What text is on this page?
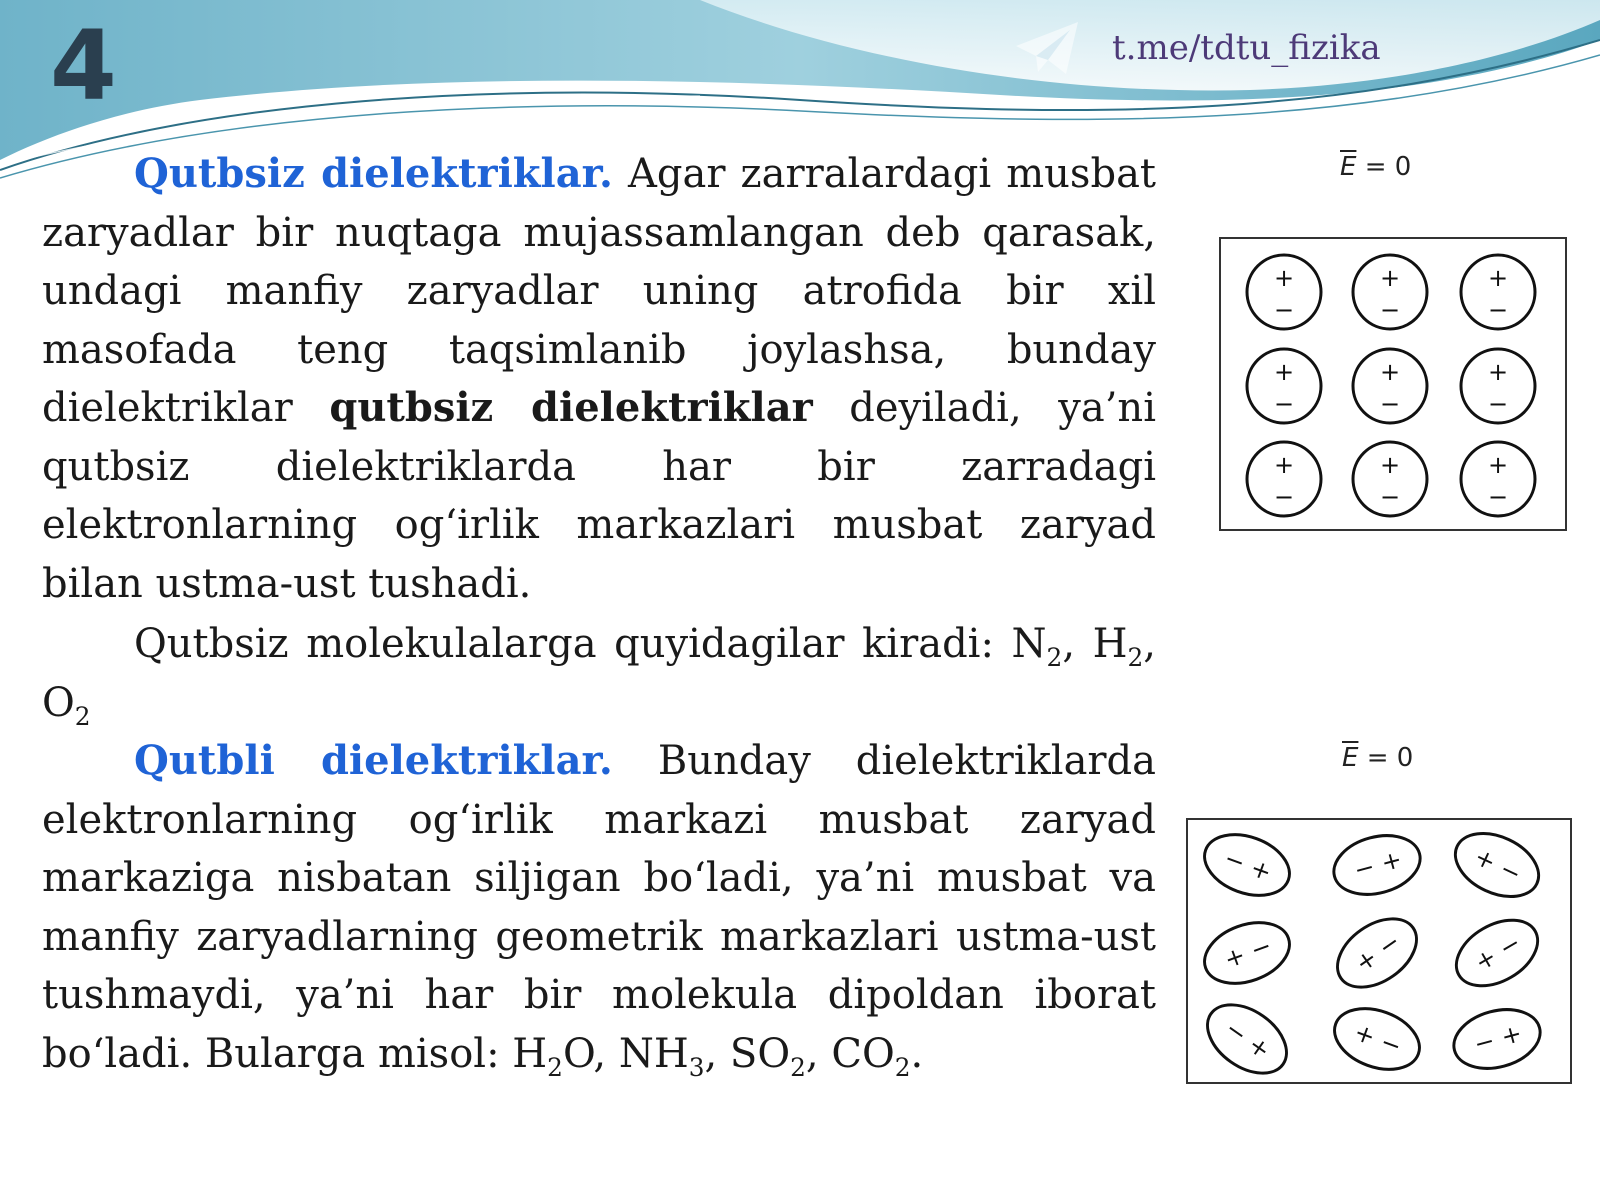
4	t.me/tdtu_fizika

Qutbsiz dielektriklar. Agar zarralardagi musbat zaryadlar bir nuqtaga mujassamlangan deb qarasak, undagi manfiy zaryadlar uning atrofida bir xil masofada teng taqsimlanib joylashsa, bunday dielektriklar qutbsiz dielektriklar deyiladi, ya’ni qutbsiz dielektriklarda har bir zarradagi elektronlarning og‘irlik markazlari musbat zaryad bilan ustma-ust tushadi.

Qutbsiz molekulalarga quyidagilar kiradi: $N_2$, $H_2$, $O_2$

Qutbli dielektriklar. Bunday dielektriklarda elektronlarning og‘irlik markazi musbat zaryad markaziga nisbatan siljigan bo‘ladi, ya’ni musbat va manfiy zaryadlarning geometrik markazlari ustma-ust tushmaydi, ya’ni har bir molekula dipoldan iborat bo‘ladi. Bularga misol: $H_2O$, $NH_3$, $SO_2$, $CO_2$.

$\overline{E} = 0$
+
−
+
−
+
−
+
−
+
−
+
−
+
−
+
−
+
−
$\overline{E} = 0$
−
+	− +	+
−
+
−	+
−	+
−
−
+	+
−	− +
